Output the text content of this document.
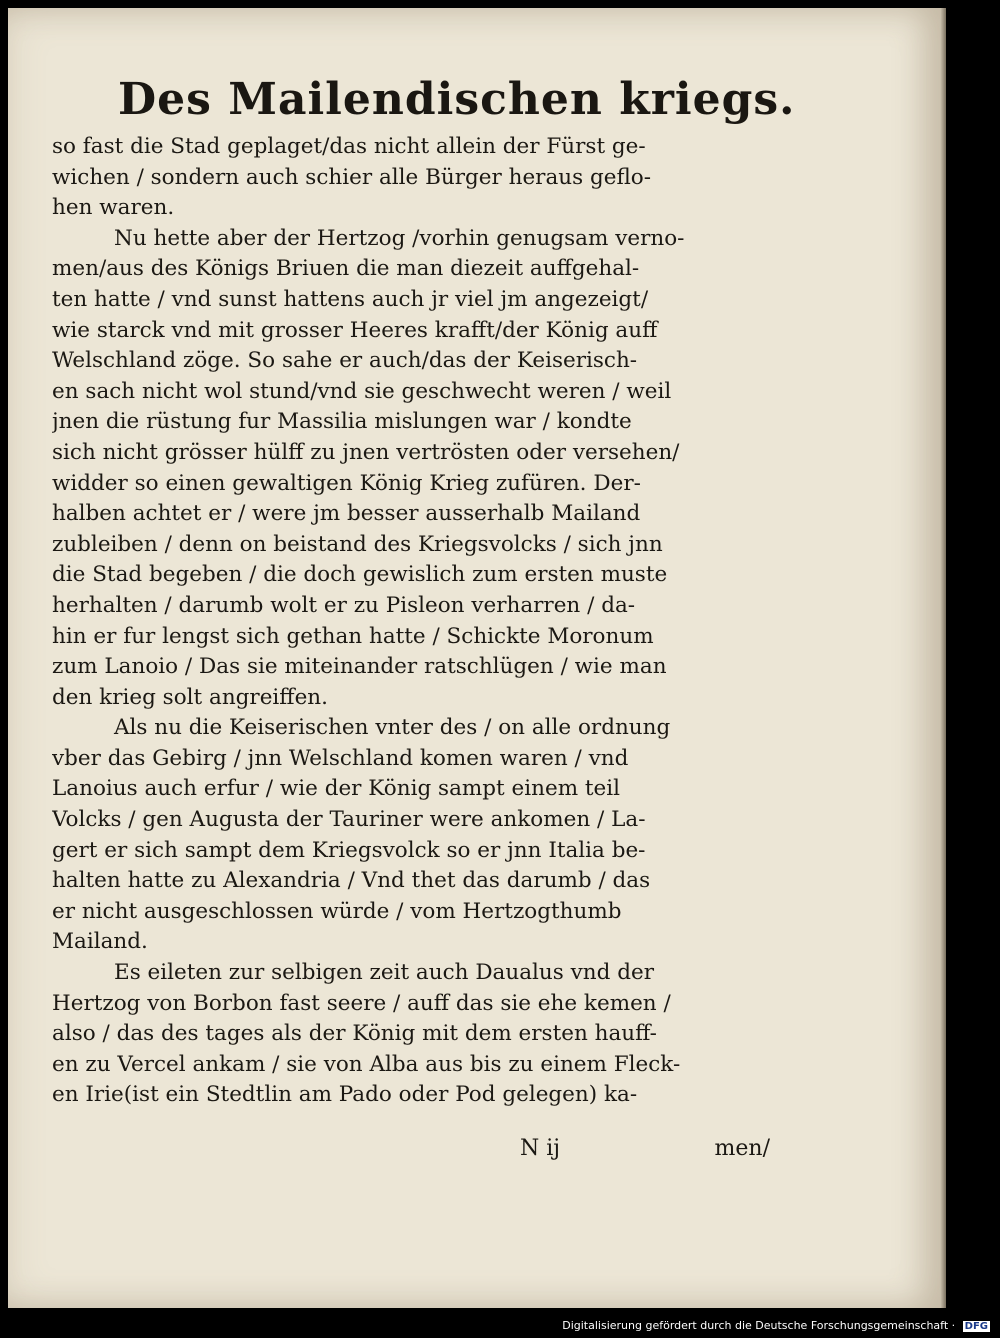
Des Mailendischen kriegs.
so fast die Stad geplaget/das nicht allein der Fürst ge-
wichen / sondern auch schier alle Bürger heraus geflo-
hen waren.
Nu hette aber der Hertzog /vorhin genugsam verno-
men/aus des Königs Briuen die man diezeit auffgehal-
ten hatte / vnd sunst hattens auch jr viel jm angezeigt/
wie starck vnd mit grosser Heeres krafft/der König auff
Welschland zöge. So sahe er auch/das der Keiserisch-
en sach nicht wol stund/vnd sie geschwecht weren / weil
jnen die rüstung fur Massilia mislungen war / kondte
sich nicht grösser hülff zu jnen vertrösten oder versehen/
widder so einen gewaltigen König Krieg zufüren. Der-
halben achtet er / were jm besser ausserhalb Mailand
zubleiben / denn on beistand des Kriegsvolcks / sich jnn
die Stad begeben / die doch gewislich zum ersten muste
herhalten / darumb wolt er zu Pisleon verharren / da-
hin er fur lengst sich gethan hatte / Schickte Moronum
zum Lanoio / Das sie miteinander ratschlügen / wie man
den krieg solt angreiffen.
Als nu die Keiserischen vnter des / on alle ordnung
vber das Gebirg / jnn Welschland komen waren / vnd
Lanoius auch erfur / wie der König sampt einem teil
Volcks / gen Augusta der Tauriner were ankomen / La-
gert er sich sampt dem Kriegsvolck so er jnn Italia be-
halten hatte zu Alexandria / Vnd thet das darumb / das
er nicht ausgeschlossen würde / vom Hertzogthumb
Mailand.
Es eileten zur selbigen zeit auch Daualus vnd der
Hertzog von Borbon fast seere / auff das sie ehe kemen /
also / das des tages als der König mit dem ersten hauff-
en zu Vercel ankam / sie von Alba aus bis zu einem Fleck-
en Irie(ist ein Stedtlin am Pado oder Pod gelegen) ka-
N ij	men/
Digitalisierung gefördert durch die Deutsche Forschungsgemeinschaft · DFG
